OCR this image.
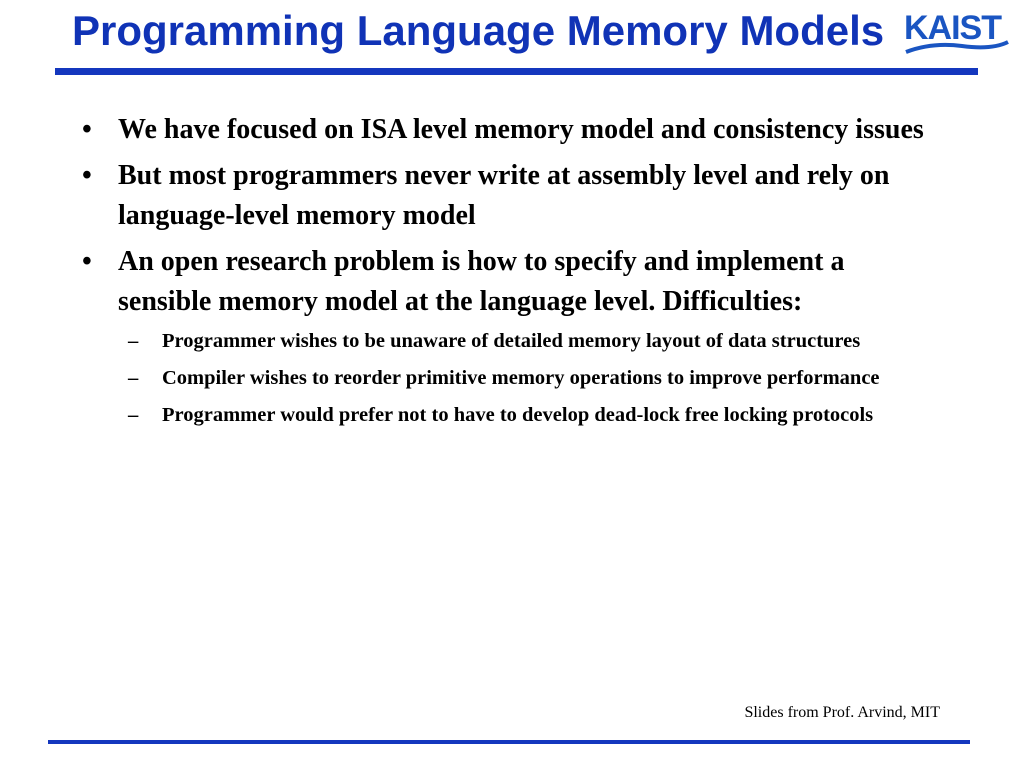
Programming Language Memory Models KAIST
• We have focused on ISA level memory model and consistency issues
• But most programmers never write at assembly level and rely on language-level memory model
• An open research problem is how to specify and implement a sensible memory model at the language level. Difficulties:
– Programmer wishes to be unaware of detailed memory layout of data structures
– Compiler wishes to reorder primitive memory operations to improve performance
– Programmer would prefer not to have to develop dead-lock free locking protocols
Slides from Prof. Arvind, MIT
